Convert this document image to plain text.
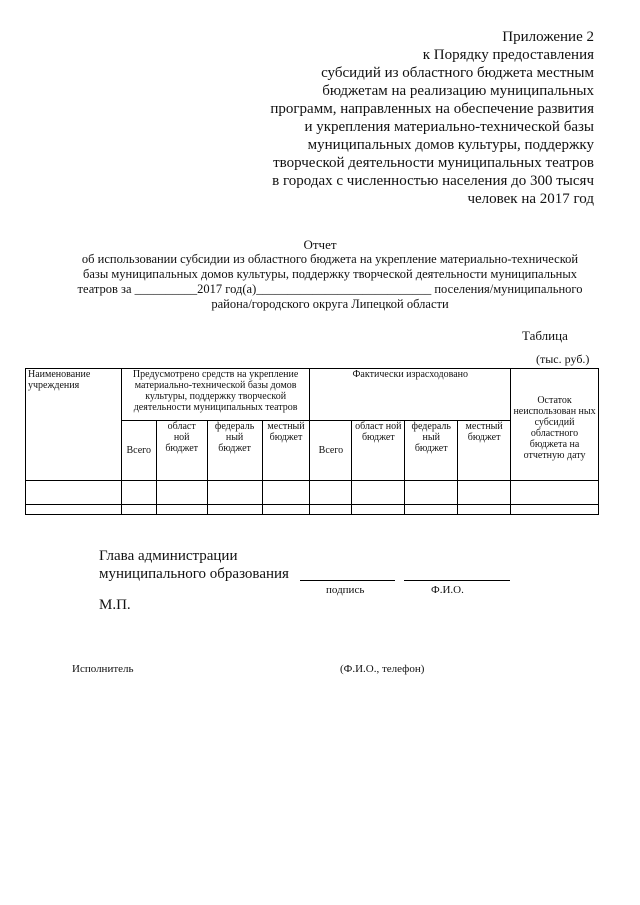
Приложение 2
к Порядку предоставления
субсидий из областного бюджета местным
бюджетам на реализацию муниципальных
программ, направленных на обеспечение развития
и укрепления материально-технической базы
муниципальных домов культуры, поддержку
творческой деятельности муниципальных театров
в городах с численностью населения до 300 тысяч
человек на 2017 год
Отчет
об использовании субсидии из областного бюджета на укрепление материально-технической
базы муниципальных домов культуры, поддержку творческой деятельности муниципальных
театров за __________2017 год(а)____________________________ поселения/муниципального
района/городского округа Липецкой области
Таблица
(тыс. руб.)
Наименование учреждения	Предусмотрено средств на укрепление материально-технической базы домов культуры, поддержку творческой деятельности муниципальных театров				Фактически израсходовано				Остаток неиспользован ных субсидий областного бюджета на отчетную дату
	Всего	област ной бюджет	федераль ный бюджет	местный бюджет	Всего	област ной бюджет	федераль ный бюджет	местный бюджет	

Глава администрации
муниципального образования
подпись	Ф.И.О.
М.П.
Исполнитель	(Ф.И.О., телефон)
